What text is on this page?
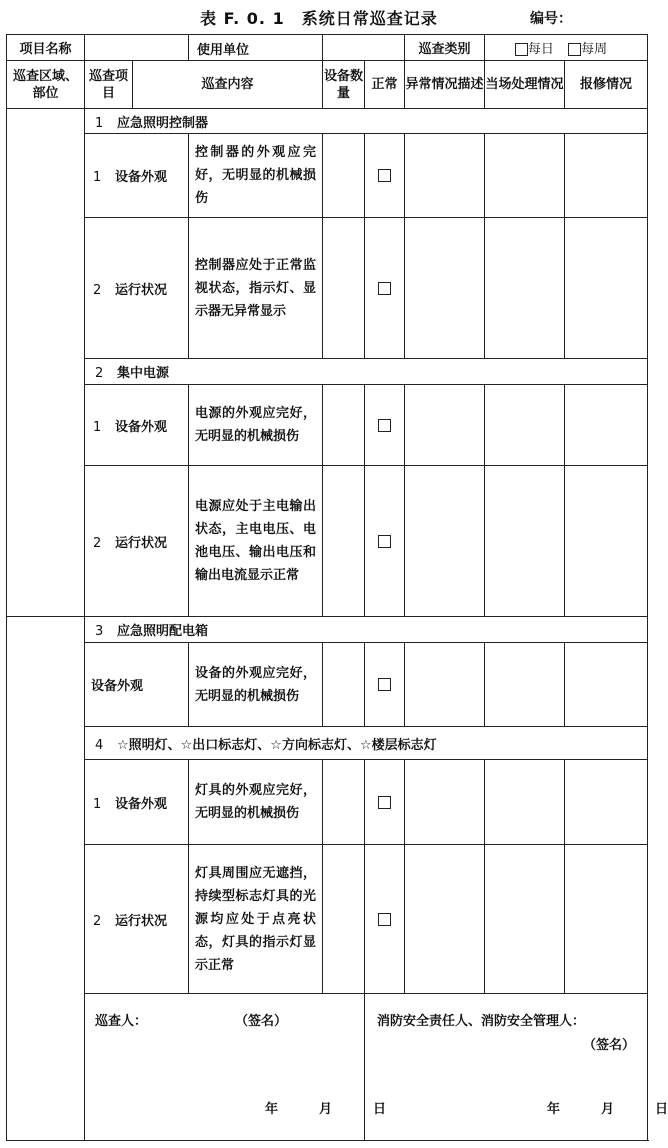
表 F. 0. 1　系统日常巡查记录	编号：
项目名称			使用单位			巡查类别	每日 每周	
巡查区域、部位	巡查项目	巡查内容		设备数量	正常	异常情况描述	当场处理情况	报修情况
	1 应急照明控制器							
	1 设备外观		控制器的外观应完好，无明显的机械损伤					
	2 运行状况		控制器应处于正常监视状态，指示灯、显示器无异常显示					
	2 集中电源							
	1 设备外观		电源的外观应完好，无明显的机械损伤					
	2 运行状况		电源应处于主电输出状态，主电电压、电池电压、输出电压和输出电流显示正常					
	3 应急照明配电箱							
	设备外观		设备的外观应完好，无明显的机械损伤					
	4 ☆照明灯、☆出口标志灯、☆方向标志灯、☆楼层标志灯							
	1 设备外观		灯具的外观应完好，无明显的机械损伤					
	2 运行状况		灯具周围应无遮挡，持续型标志灯具的光源均应处于点亮状态，灯具的指示灯显示正常					

	巡查人： （签名）
年 月 日				消防安全责任人、消防安全管理人：
（签名）
年 月 日			
